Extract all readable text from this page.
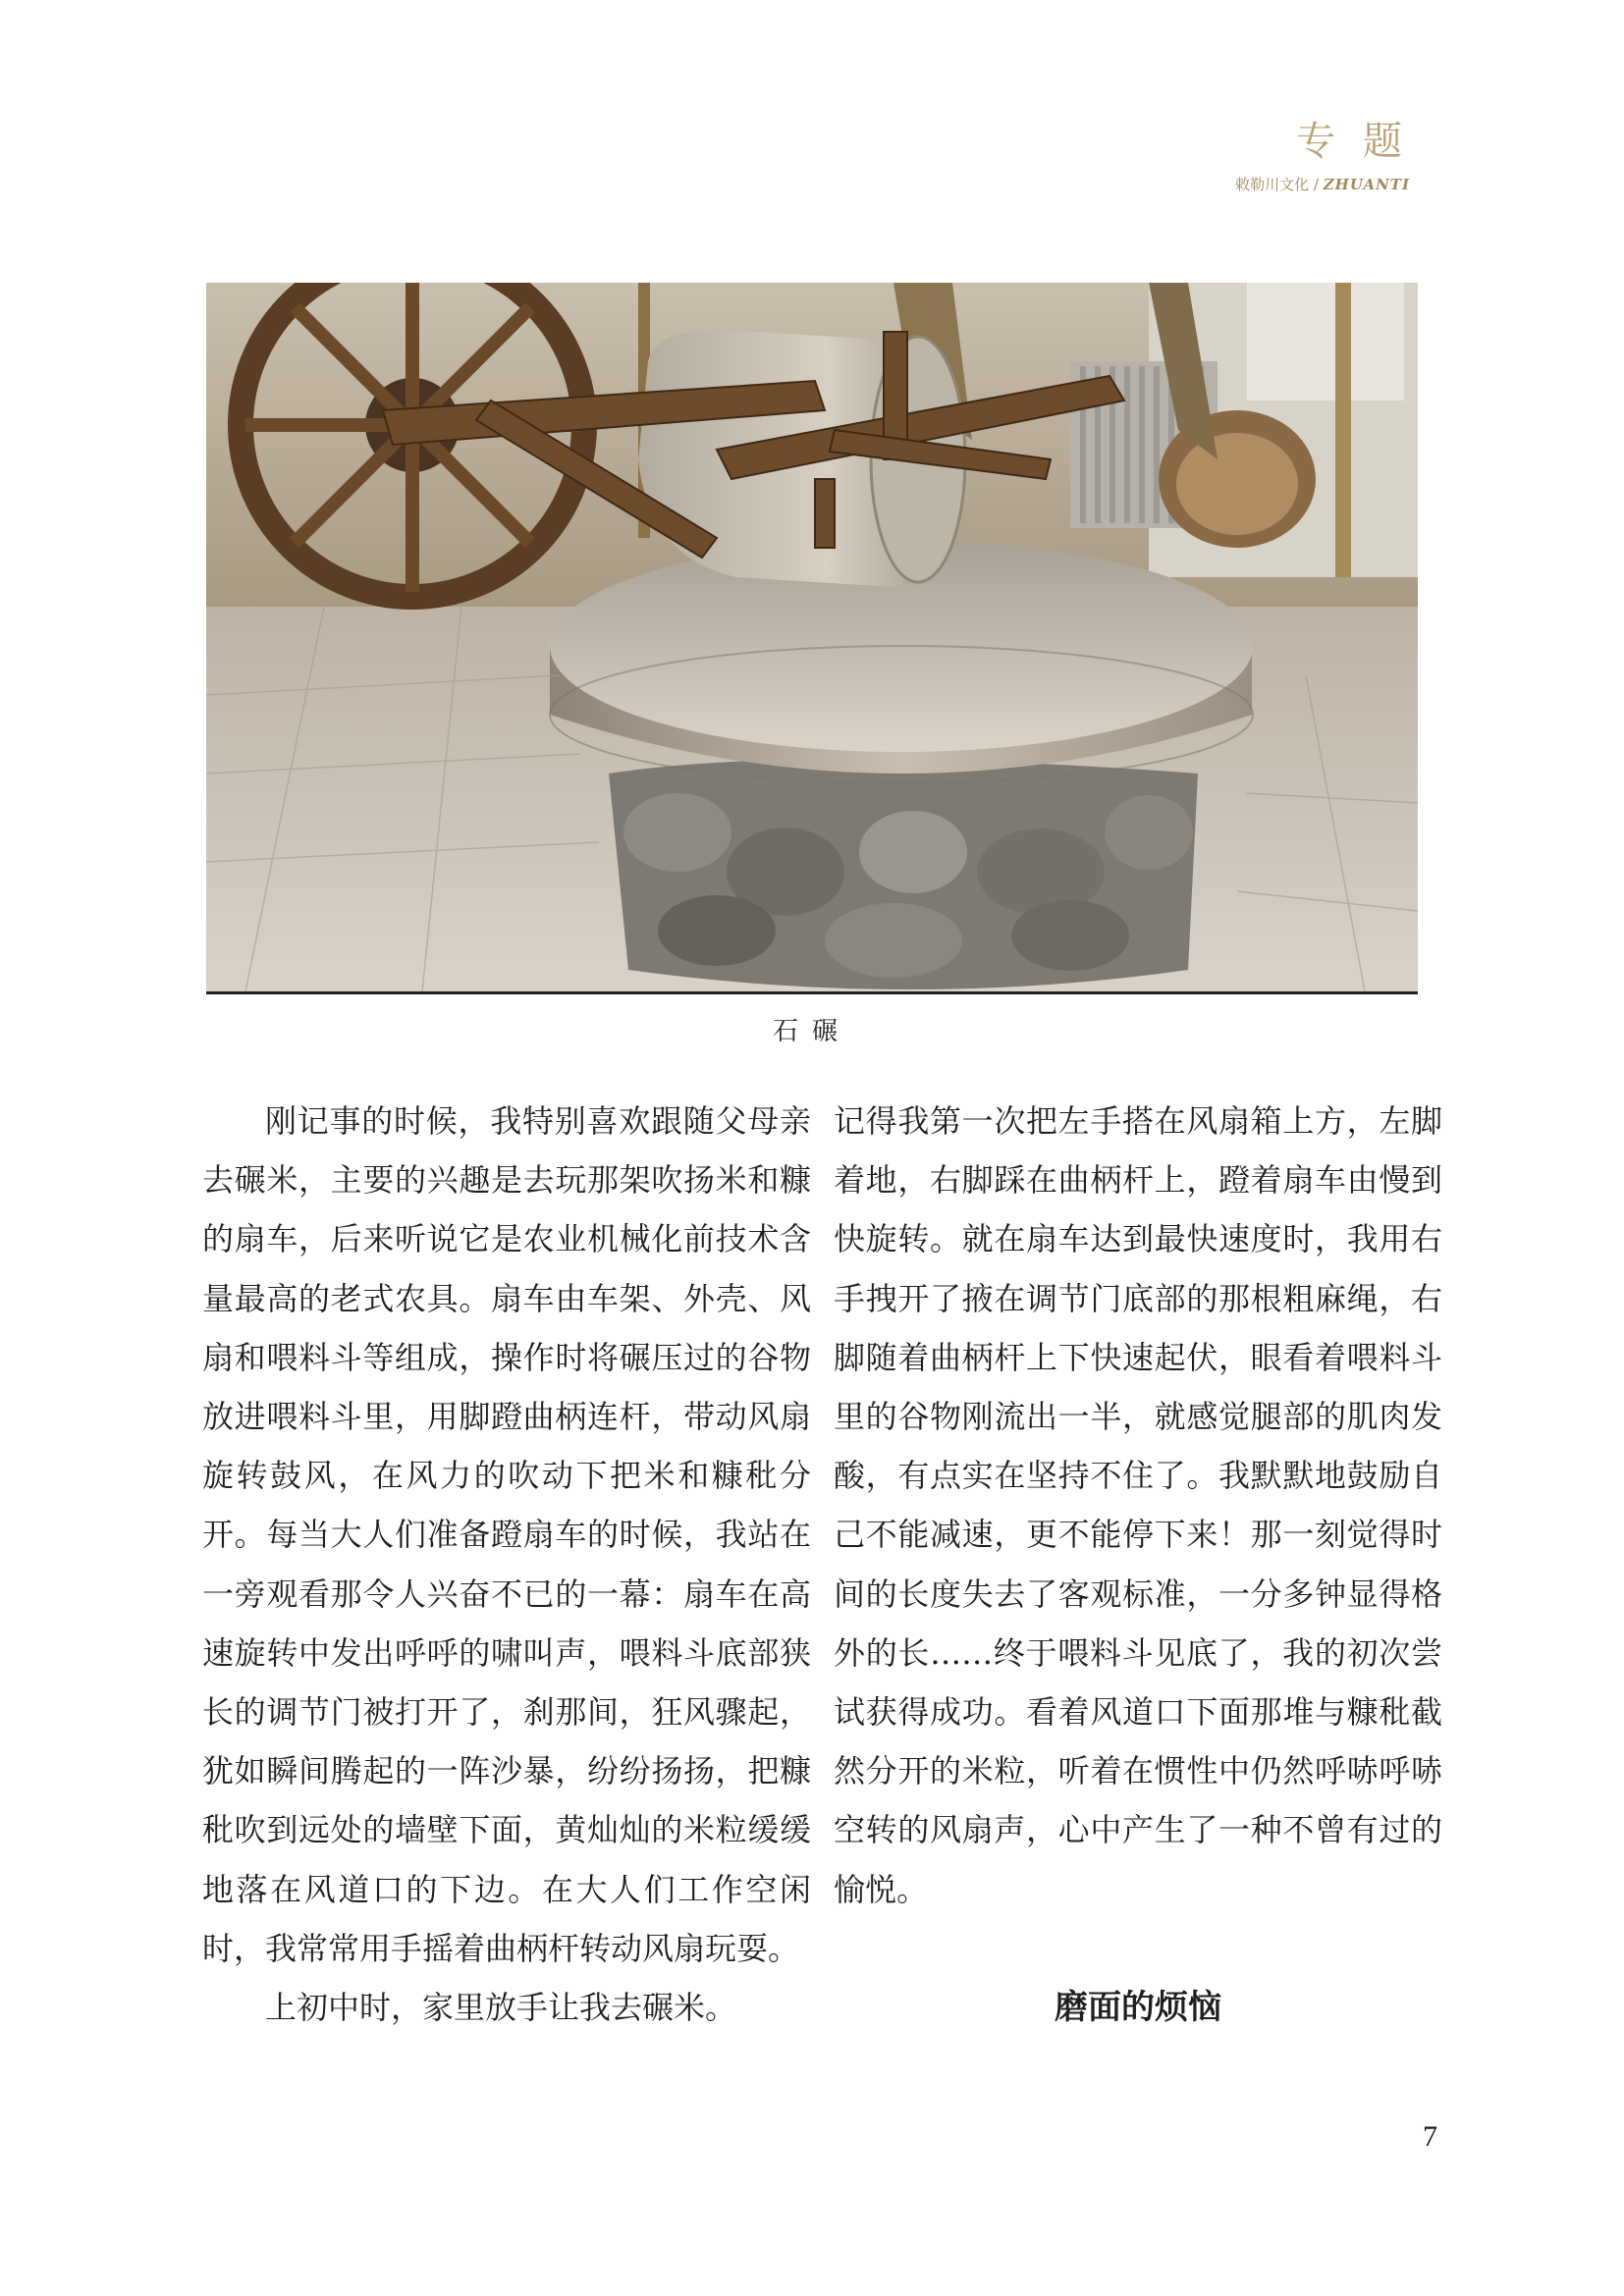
专题
敕勒川文化 / ZHUANTI
石碾

刚记事的时候，我特别喜欢跟随父母亲去碾米，主要的兴趣是去玩那架吹扬米和糠的扇车，后来听说它是农业机械化前技术含量最高的老式农具。扇车由车架、外壳、风扇和喂料斗等组成，操作时将碾压过的谷物放进喂料斗里，用脚蹬曲柄连杆，带动风扇旋转鼓风，在风力的吹动下把米和糠秕分开。每当大人们准备蹬扇车的时候，我站在一旁观看那令人兴奋不已的一幕：扇车在高速旋转中发出呼呼的啸叫声，喂料斗底部狭长的调节门被打开了，刹那间，狂风骤起，犹如瞬间腾起的一阵沙暴，纷纷扬扬，把糠秕吹到远处的墙壁下面，黄灿灿的米粒缓缓地落在风道口的下边。在大人们工作空闲时，我常常用手摇着曲柄杆转动风扇玩耍。

上初中时，家里放手让我去碾米。

记得我第一次把左手搭在风扇箱上方，左脚着地，右脚踩在曲柄杆上，蹬着扇车由慢到快旋转。就在扇车达到最快速度时，我用右手拽开了掖在调节门底部的那根粗麻绳，右脚随着曲柄杆上下快速起伏，眼看着喂料斗里的谷物刚流出一半，就感觉腿部的肌肉发酸，有点实在坚持不住了。我默默地鼓励自己不能减速，更不能停下来！那一刻觉得时间的长度失去了客观标准，一分多钟显得格外的长……终于喂料斗见底了，我的初次尝试获得成功。看着风道口下面那堆与糠秕截然分开的米粒，听着在惯性中仍然呼哧呼哧空转的风扇声，心中产生了一种不曾有过的愉悦。

磨面的烦恼

7
